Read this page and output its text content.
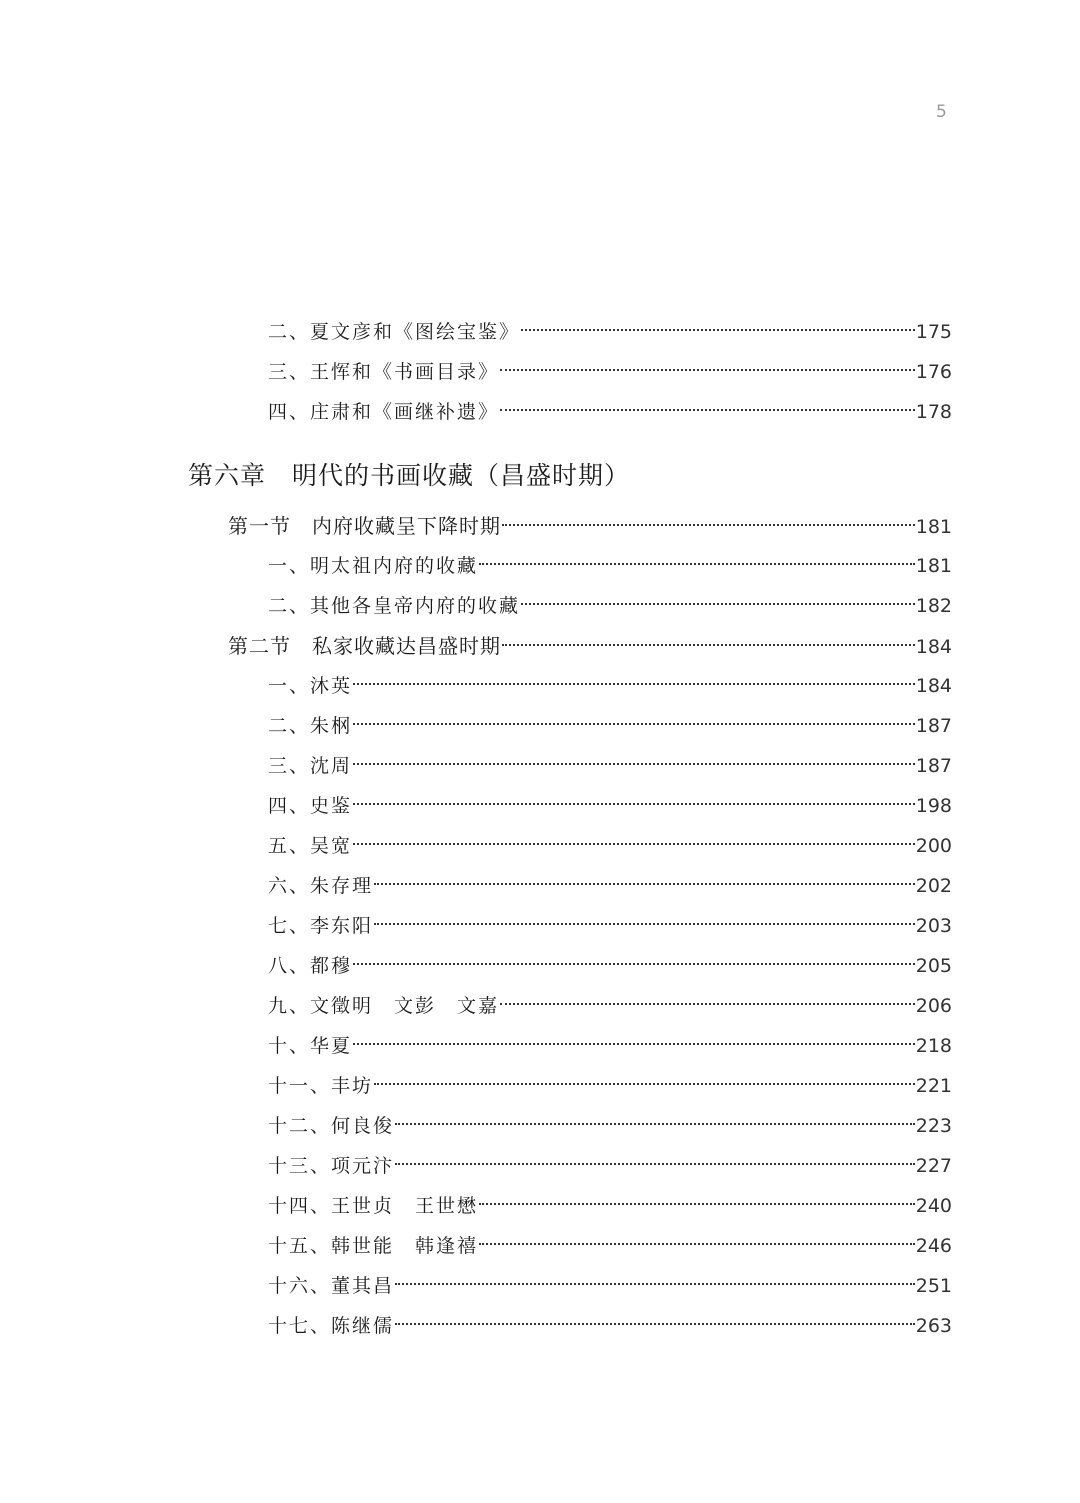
5
二、夏文彦和《图绘宝鉴》	175
三、王恽和《书画目录》	176
四、庄肃和《画继补遗》	178
第六章　明代的书画收藏（昌盛时期）
第一节　内府收藏呈下降时期	181
一、明太祖内府的收藏	181
二、其他各皇帝内府的收藏	182
第二节　私家收藏达昌盛时期	184
一、沐英	184
二、朱㭎	187
三、沈周	187
四、史鉴	198
五、吴宽	200
六、朱存理	202
七、李东阳	203
八、都穆	205
九、文徵明　文彭　文嘉	206
十、华夏	218
十一、丰坊	221
十二、何良俊	223
十三、项元汴	227
十四、王世贞　王世懋	240
十五、韩世能　韩逢禧	246
十六、董其昌	251
十七、陈继儒	263
